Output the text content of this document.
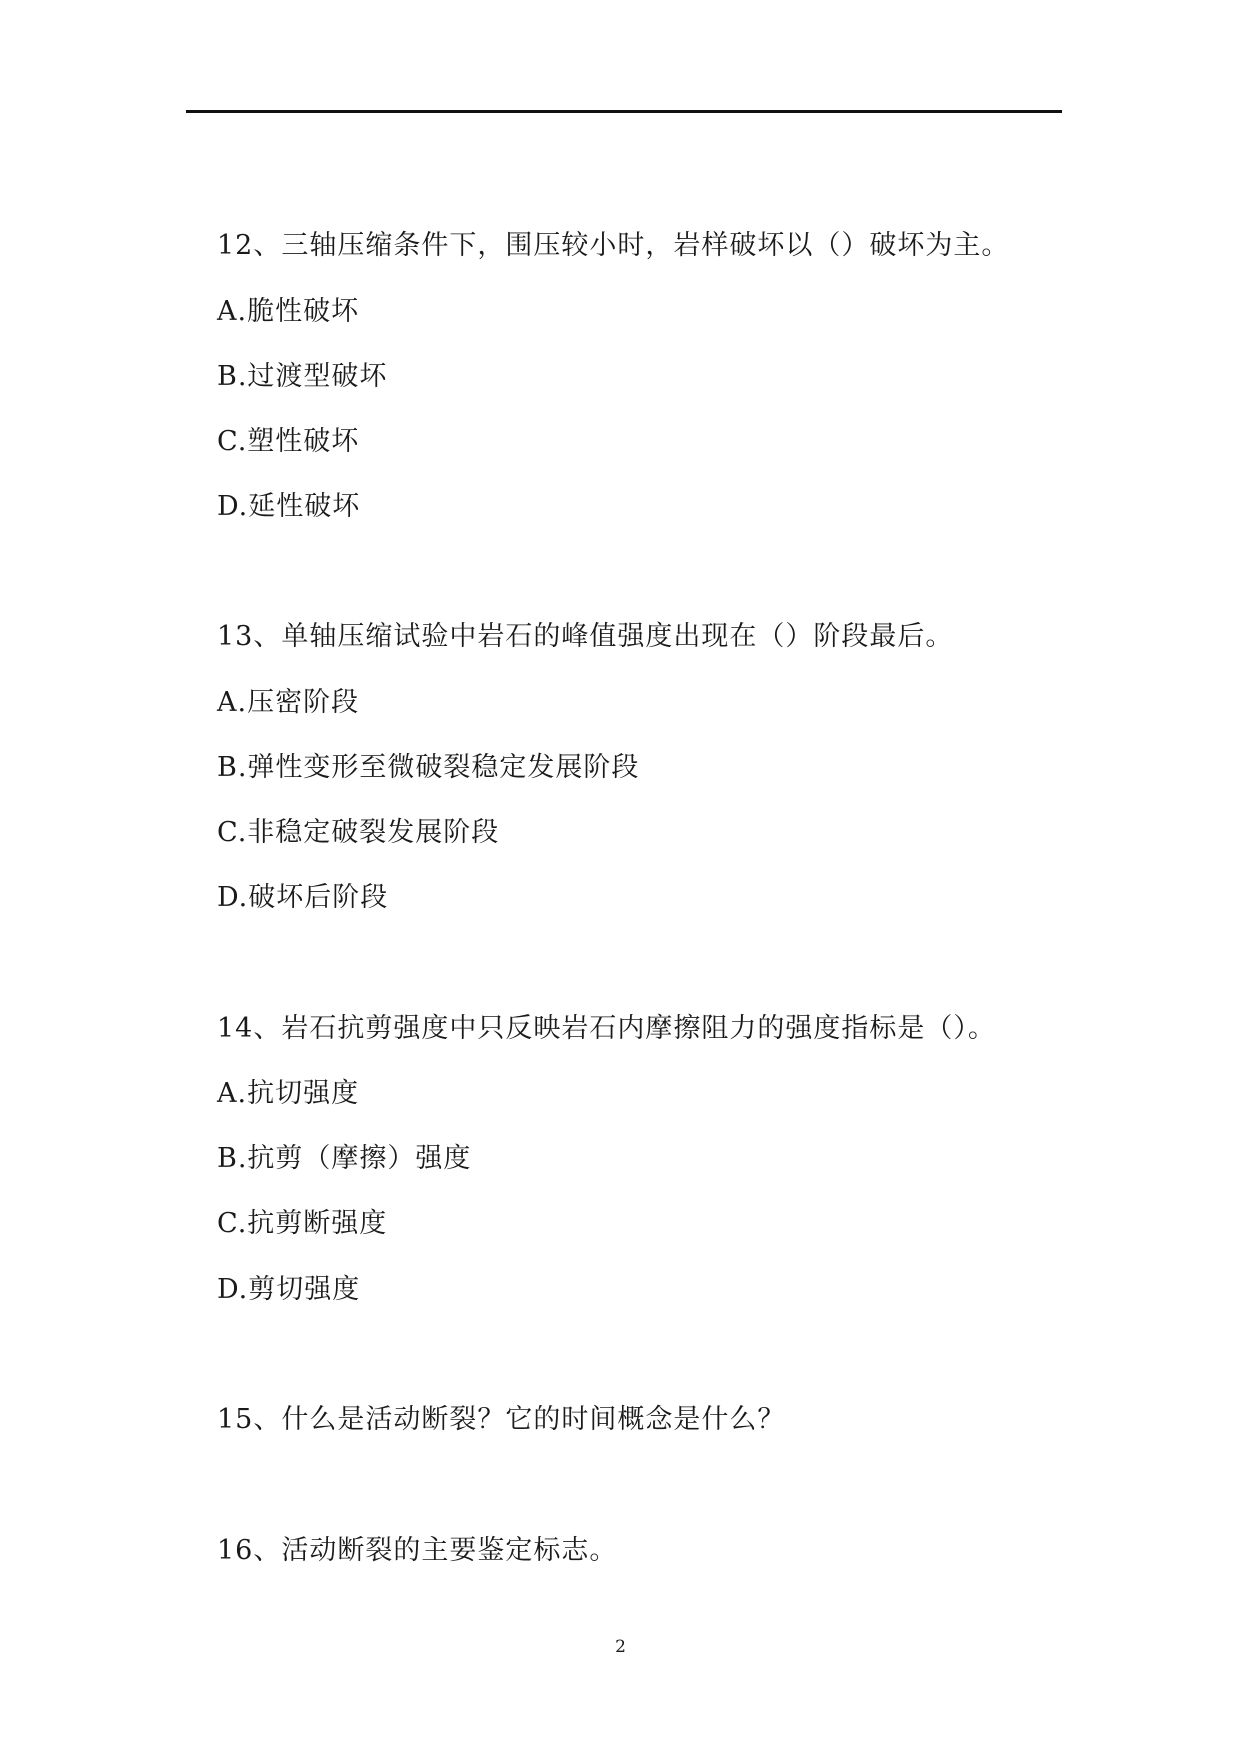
12、三轴压缩条件下，围压较小时，岩样破坏以（）破坏为主。
A.脆性破坏
B.过渡型破坏
C.塑性破坏
D.延性破坏
13、单轴压缩试验中岩石的峰值强度出现在（）阶段最后。
A.压密阶段
B.弹性变形至微破裂稳定发展阶段
C.非稳定破裂发展阶段
D.破坏后阶段
14、岩石抗剪强度中只反映岩石内摩擦阻力的强度指标是（）。
A.抗切强度
B.抗剪（摩擦）强度
C.抗剪断强度
D.剪切强度
15、什么是活动断裂？它的时间概念是什么？
16、活动断裂的主要鉴定标志。
2
